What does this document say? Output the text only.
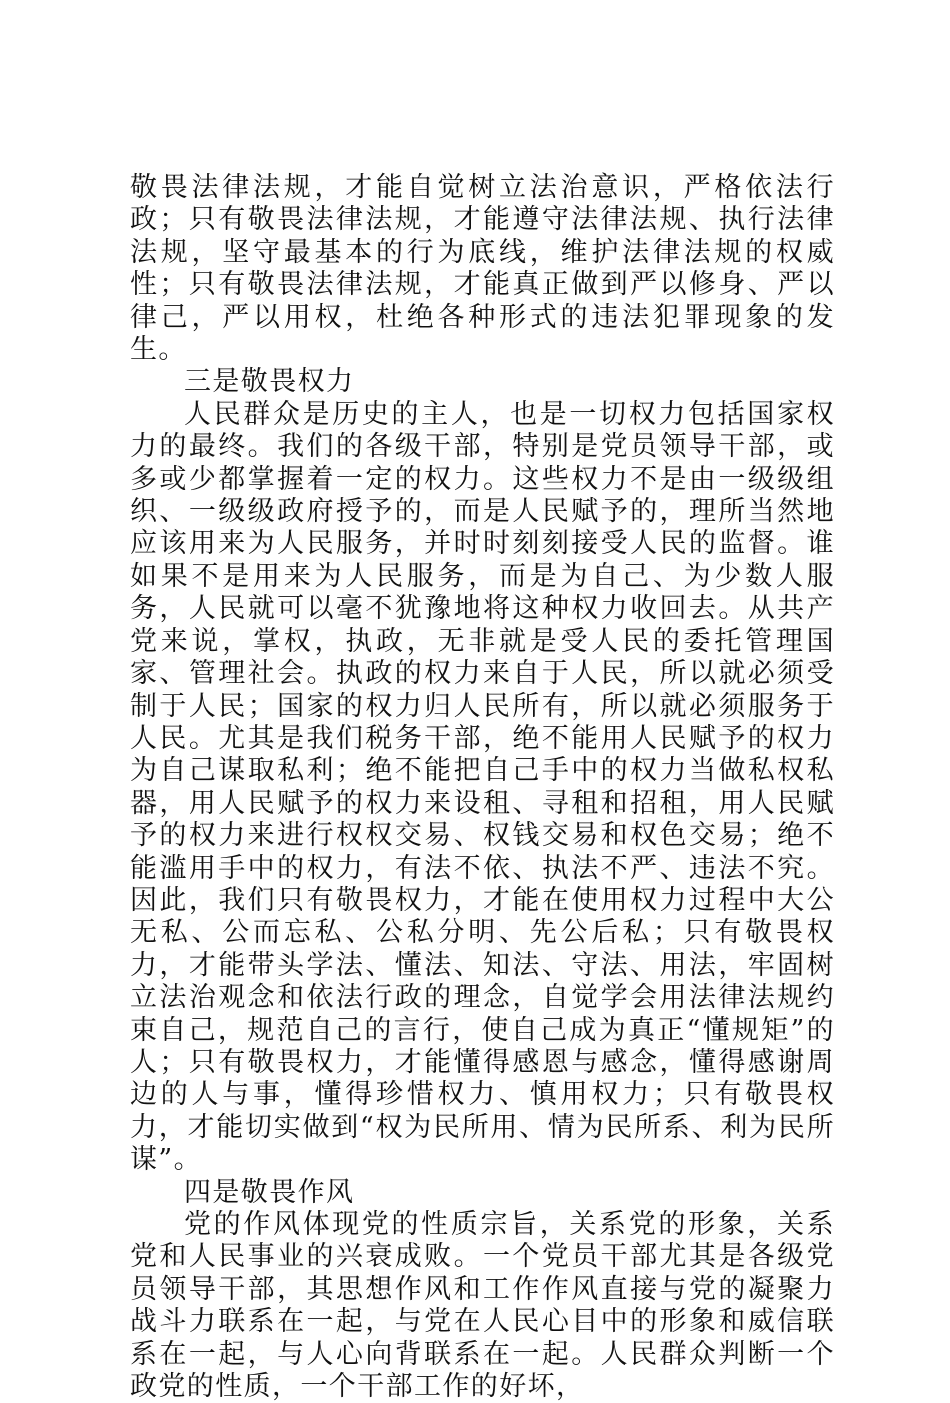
敬畏法律法规，才能自觉树立法治意识，严格依法行政；只有敬畏法律法规，才能遵守法律法规、执行法律法规，坚守最基本的行为底线，维护法律法规的权威性；只有敬畏法律法规，才能真正做到严以修身、严以律己，严以用权，杜绝各种形式的违法犯罪现象的发生。

三是敬畏权力

人民群众是历史的主人，也是一切权力包括国家权力的最终。我们的各级干部，特别是党员领导干部，或多或少都掌握着一定的权力。这些权力不是由一级级组织、一级级政府授予的，而是人民赋予的，理所当然地应该用来为人民服务，并时时刻刻接受人民的监督。谁如果不是用来为人民服务，而是为自己、为少数人服务，人民就可以毫不犹豫地将这种权力收回去。从共产党来说，掌权，执政，无非就是受人民的委托管理国家、管理社会。执政的权力来自于人民，所以就必须受制于人民；国家的权力归人民所有，所以就必须服务于人民。尤其是我们税务干部，绝不能用人民赋予的权力为自己谋取私利；绝不能把自己手中的权力当做私权私器，用人民赋予的权力来设租、寻租和招租，用人民赋予的权力来进行权权交易、权钱交易和权色交易；绝不能滥用手中的权力，有法不依、执法不严、违法不究。因此，我们只有敬畏权力，才能在使用权力过程中大公无私、公而忘私、公私分明、先公后私；只有敬畏权力，才能带头学法、懂法、知法、守法、用法，牢固树立法治观念和依法行政的理念，自觉学会用法律法规约束自己，规范自己的言行，使自己成为真正“懂规矩”的人；只有敬畏权力，才能懂得感恩与感念，懂得感谢周边的人与事，懂得珍惜权力、慎用权力；只有敬畏权力，才能切实做到“权为民所用、情为民所系、利为民所谋”。

四是敬畏作风

党的作风体现党的性质宗旨，关系党的形象，关系党和人民事业的兴衰成败。一个党员干部尤其是各级党员领导干部，其思想作风和工作作风直接与党的凝聚力战斗力联系在一起，与党在人民心目中的形象和威信联系在一起，与人心向背联系在一起。人民群众判断一个政党的性质，一个干部工作的好坏，
